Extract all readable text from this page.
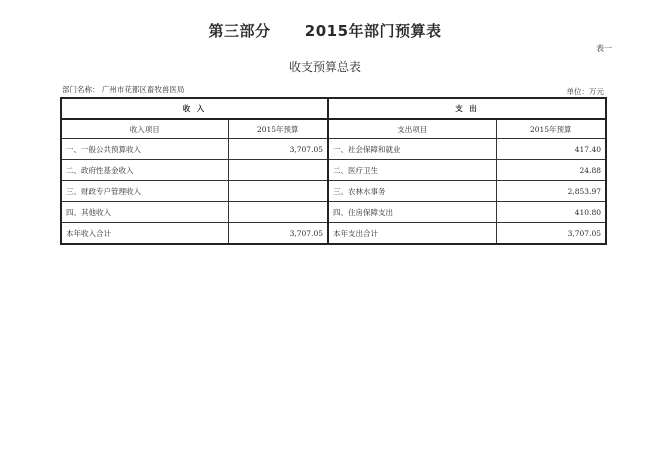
第三部分      2015年部门预算表
表一
收支预算总表
部门名称： 广州市花都区畜牧兽医局	单位：万元
收 入		支 出	
收入项目	2015年预算	支出项目	2015年预算
一、一般公共预算收入	3,707.05	一、社会保障和就业	417.40
二、政府性基金收入		二、医疗卫生	24.88
三、财政专户管理收入		三、农林水事务	2,853.97
四、其他收入		四、住房保障支出	410.80
本年收入合计	3,707.05	本年支出合计	3,707.05
